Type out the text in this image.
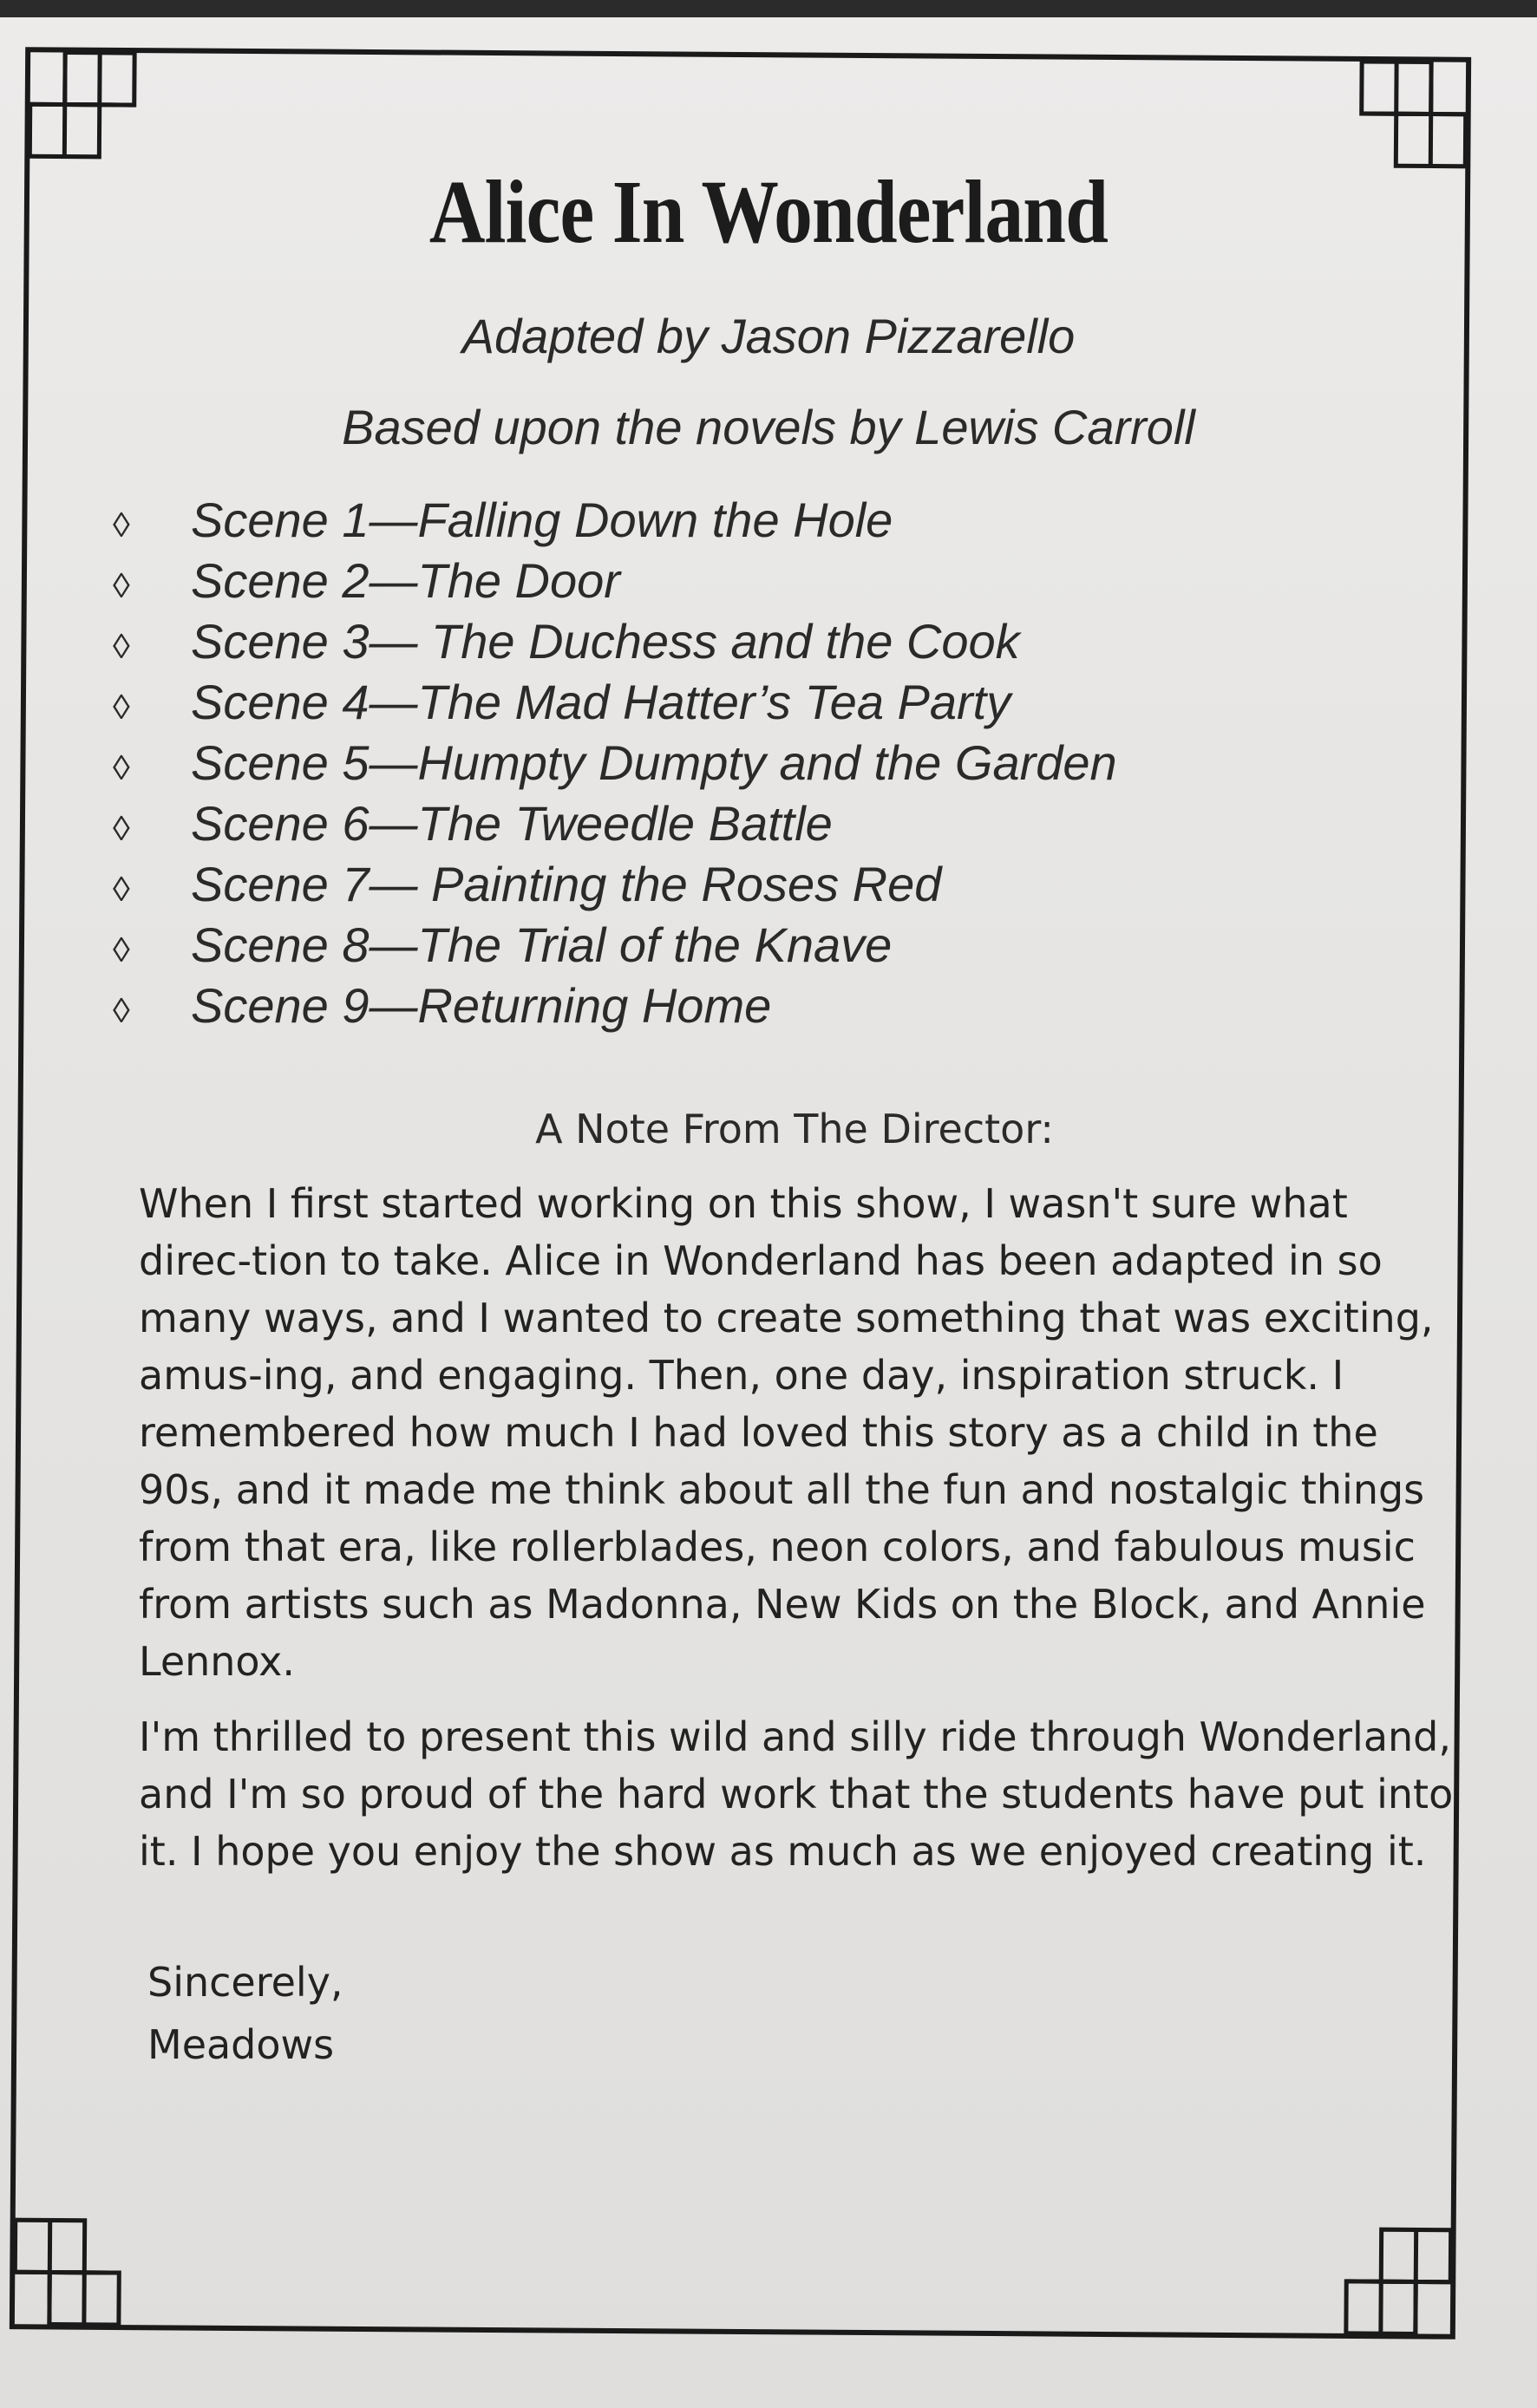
Alice In Wonderland
Adapted by Jason Pizzarello
Based upon the novels by Lewis Carroll
◊ Scene 1—Falling Down the Hole
◊ Scene 2—The Door
◊ Scene 3— The Duchess and the Cook
◊ Scene 4—The Mad Hatter’s Tea Party
◊ Scene 5—Humpty Dumpty and the Garden
◊ Scene 6—The Tweedle Battle
◊ Scene 7— Painting the Roses Red
◊ Scene 8—The Trial of the Knave
◊ Scene 9—Returning Home
A Note From The Director:

When I first started working on this show, I wasn't sure what direc-tion to take. Alice in Wonderland has been adapted in so many ways, and I wanted to create something that was exciting, amus-ing, and engaging. Then, one day, inspiration struck. I remembered how much I had loved this story as a child in the 90s, and it made me think about all the fun and nostalgic things from that era, like rollerblades, neon colors, and fabulous music from artists such as Madonna, New Kids on the Block, and Annie Lennox.

I'm thrilled to present this wild and silly ride through Wonderland, and I'm so proud of the hard work that the students have put into it. I hope you enjoy the show as much as we enjoyed creating it.

Sincerely,
Meadows
